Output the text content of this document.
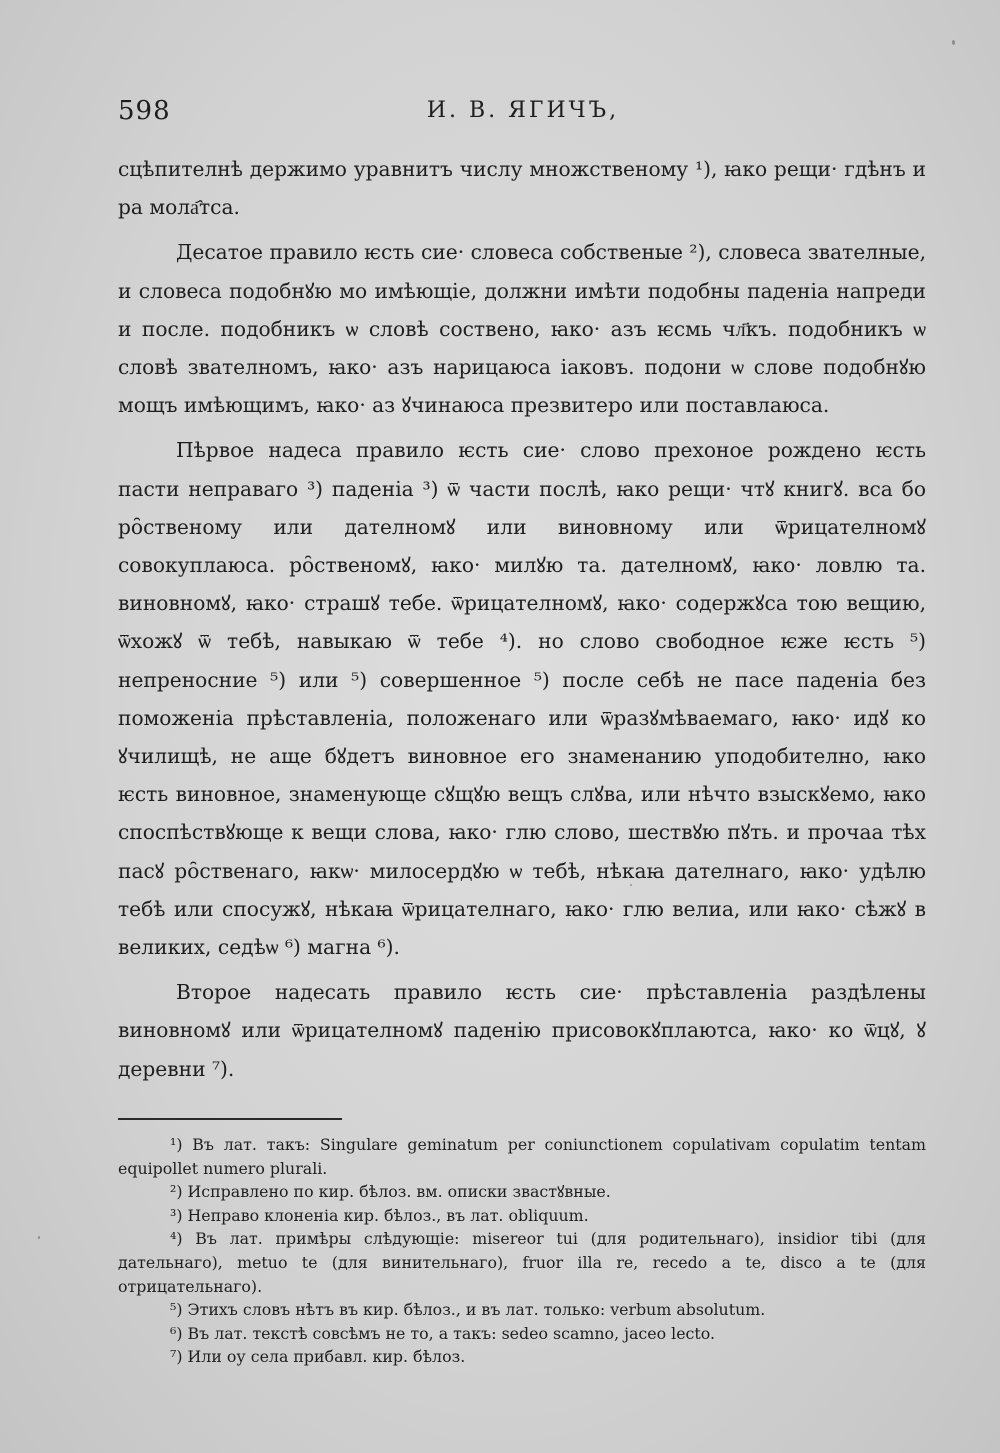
598	И. В. ЯГИЧЪ,

сцѣпителнѣ держимо уравнитъ числу множственому ¹), ꙗко рещи· гдѣнъ и ра мола҄тса.

Десатое правило ѥсть сие· словеса собственые ²), словеса звателные, и словеса подобнꙋю мо имѣющіе, должни имѣти подобны паденіа напреди и после. подобникъ ѡ словѣ соствено, ꙗко· азъ ѥсмь чл҃къ. подобникъ ѡ словѣ звателномъ, ꙗко· азъ нарицаюса іаковъ. подони ѡ слове подобнꙋю мощъ имѣющимъ, ꙗко· аз ꙋчинаюса презвитеро или поставлаюса.

Пѣрвое надеса правило ѥсть сие· слово прехоное рождено ѥсть пасти неправаго ³) паденіа ³) ѿ части послѣ, ꙗко рещи· чтꙋ книгꙋ. вса бо ро̑ственому или дателномꙋ или виновному или ѿрицателномꙋ совокуплаюса. ро̑ственомꙋ, ꙗко· милꙋю та. дателномꙋ, ꙗко· ловлю та. виновномꙋ, ꙗко· страшꙋ тебе. ѿрицателномꙋ, ꙗко· содержꙋса тою вещию, ѿхожꙋ ѿ тебѣ, навыкаю ѿ тебе ⁴). но слово свободное ѥже ѥсть ⁵) непреносние ⁵) или ⁵) совершенное ⁵) после себѣ не пасе паденіа без поможеніа прѣставленіа, положенаго или ѿразꙋмѣваемаго, ꙗко· идꙋ ко ꙋчилищѣ, не аще бꙋдетъ виновное его знаменанию уподобително, ꙗко ѥсть виновное, знаменующе сꙋщꙋю вещъ слꙋва, или нѣчто взыскꙋемо, ꙗко споспѣствꙋюще к вещи слова, ꙗко· глю слово, шествꙋю пꙋть. и прочаа тѣх пасꙋ ро̑ственаго, ꙗкѡ· милосердꙋю ѡ тебѣ, нѣкаꙗ дателнаго, ꙗко· удѣлю тебѣ или спосужꙋ, нѣкаꙗ ѿрицателнаго, ꙗко· глю велиа, или ꙗко· сѣжꙋ в великих, седѣѡ ⁶) магна ⁶).

Второе надесать правило ѥсть сие· прѣставленіа раздѣлены виновномꙋ или ѿрицателномꙋ паденію присовокꙋплаютса, ꙗко· ко ѿцꙋ, ꙋ деревни ⁷).

¹) Въ лат. такъ: Singulare geminatum per coniunctionem copulativam copulatim tentam equipollet numero plurali.

²) Исправлено по кир. бѣлоз. вм. описки звастꙋвные.

³) Неправо клоненіа кир. бѣлоз., въ лат. obliquum.

⁴) Въ лат. примѣры слѣдующіе: misereor tui (для родительнаго), insidior tibi (для дательнаго), metuo te (для винительнаго), fruor illa re, recedo a te, disco a te (для отрицательнаго).

⁵) Этихъ словъ нѣтъ въ кир. бѣлоз., и въ лат. только: verbum absolutum.

⁶) Въ лат. текстѣ совсѣмъ не то, а такъ: sedeo scamno, jaceo lecto.

⁷) Или оу села прибавл. кир. бѣлоз.
